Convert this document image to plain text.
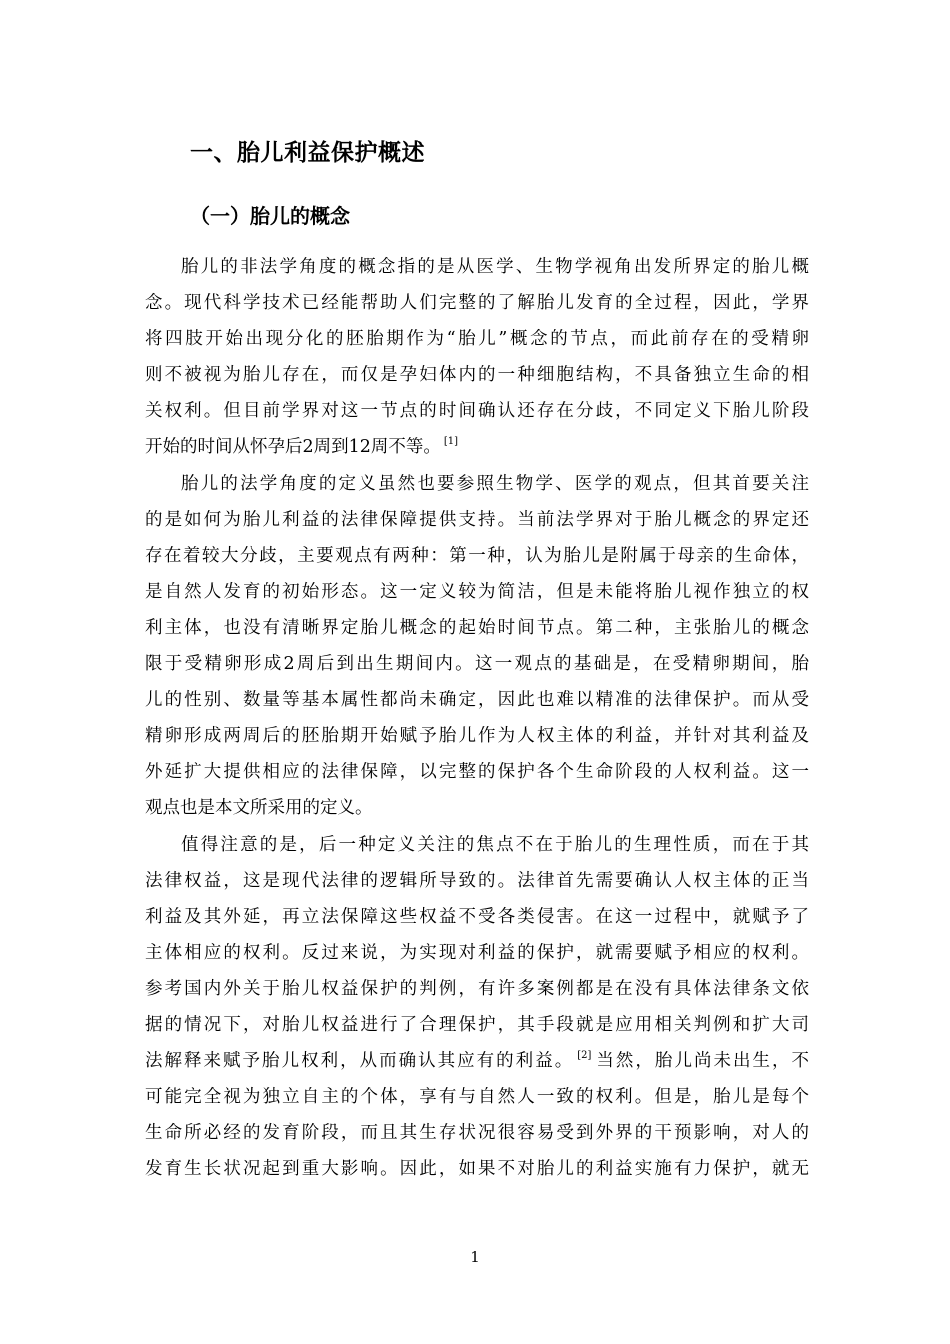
一、胎儿利益保护概述
（一）胎儿的概念
胎儿的非法学角度的概念指的是从医学、生物学视角出发所界定的胎儿概
念。现代科学技术已经能帮助人们完整的了解胎儿发育的全过程，因此，学界
将四肢开始出现分化的胚胎期作为“胎儿”概念的节点，而此前存在的受精卵
则不被视为胎儿存在，而仅是孕妇体内的一种细胞结构，不具备独立生命的相
关权利。但目前学界对这一节点的时间确认还存在分歧，不同定义下胎儿阶段
开始的时间从怀孕后2周到12周不等。 [1]
胎儿的法学角度的定义虽然也要参照生物学、医学的观点，但其首要关注
的是如何为胎儿利益的法律保障提供支持。当前法学界对于胎儿概念的界定还
存在着较大分歧，主要观点有两种：第一种，认为胎儿是附属于母亲的生命体，
是自然人发育的初始形态。这一定义较为简洁，但是未能将胎儿视作独立的权
利主体，也没有清晰界定胎儿概念的起始时间节点。第二种，主张胎儿的概念
限于受精卵形成2周后到出生期间内。这一观点的基础是，在受精卵期间，胎
儿的性别、数量等基本属性都尚未确定，因此也难以精准的法律保护。而从受
精卵形成两周后的胚胎期开始赋予胎儿作为人权主体的利益，并针对其利益及
外延扩大提供相应的法律保障，以完整的保护各个生命阶段的人权利益。这一
观点也是本文所采用的定义。
值得注意的是，后一种定义关注的焦点不在于胎儿的生理性质，而在于其
法律权益，这是现代法律的逻辑所导致的。法律首先需要确认人权主体的正当
利益及其外延，再立法保障这些权益不受各类侵害。在这一过程中，就赋予了
主体相应的权利。反过来说，为实现对利益的保护，就需要赋予相应的权利。
参考国内外关于胎儿权益保护的判例，有许多案例都是在没有具体法律条文依
据的情况下，对胎儿权益进行了合理保护，其手段就是应用相关判例和扩大司
法解释来赋予胎儿权利，从而确认其应有的利益。 [2] 当然，胎儿尚未出生，不
可能完全视为独立自主的个体，享有与自然人一致的权利。但是，胎儿是每个
生命所必经的发育阶段，而且其生存状况很容易受到外界的干预影响，对人的
发育生长状况起到重大影响。因此，如果不对胎儿的利益实施有力保护，就无
1
